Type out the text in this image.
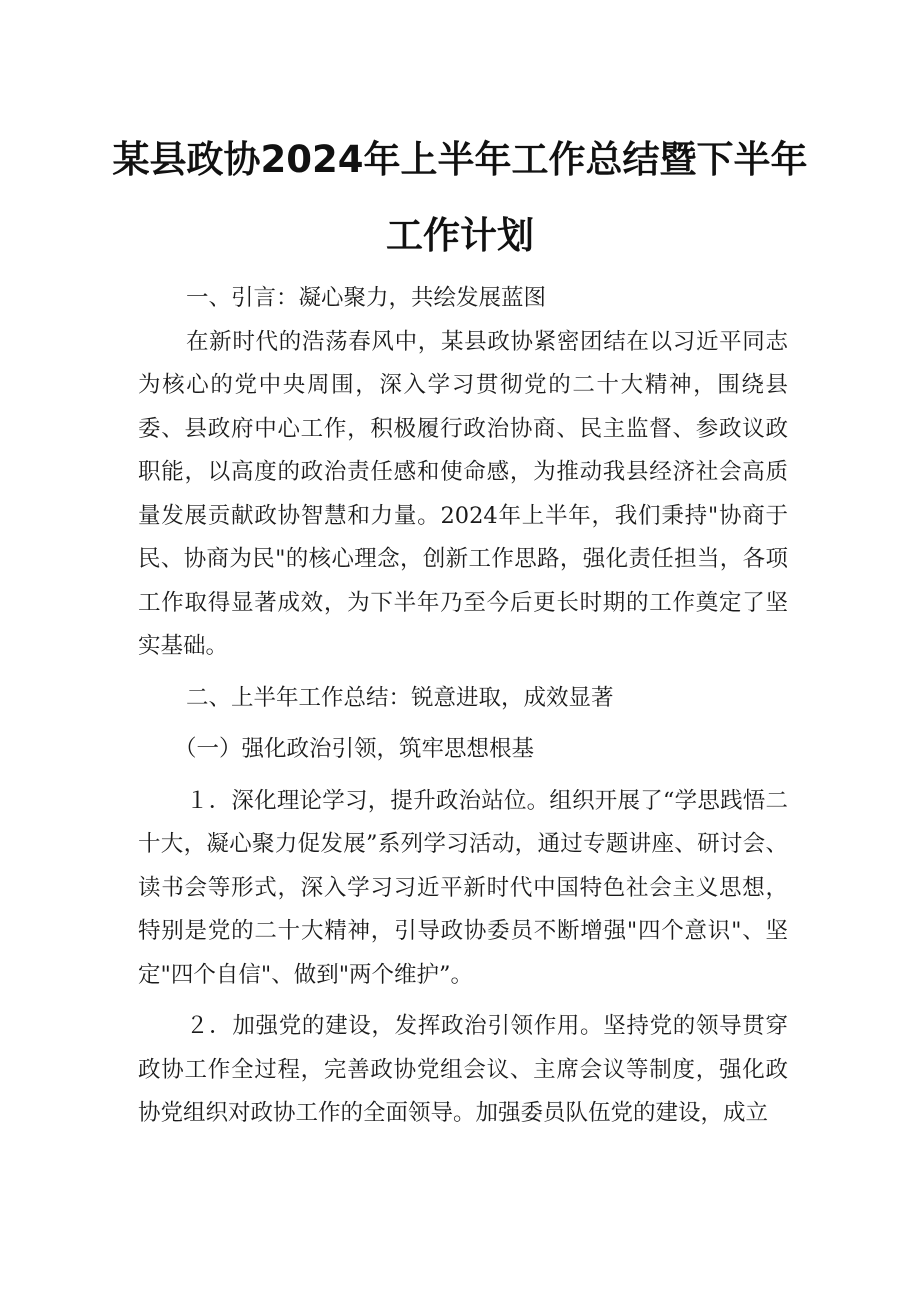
某县政协2024年上半年工作总结暨下半年
工作计划

一、引言：凝心聚力，共绘发展蓝图

在新时代的浩荡春风中，某县政协紧密团结在以习近平同志为核心的党中央周围，深入学习贯彻党的二十大精神，围绕县委、县政府中心工作，积极履行政治协商、民主监督、参政议政职能，以高度的政治责任感和使命感，为推动我县经济社会高质量发展贡献政协智慧和力量。2024年上半年，我们秉持"协商于民、协商为民"的核心理念，创新工作思路，强化责任担当，各项工作取得显著成效，为下半年乃至今后更长时期的工作奠定了坚实基础。

二、上半年工作总结：锐意进取，成效显著

（一）强化政治引领，筑牢思想根基

１．深化理论学习，提升政治站位。组织开展了“学思践悟二十大，凝心聚力促发展”系列学习活动，通过专题讲座、研讨会、读书会等形式，深入学习习近平新时代中国特色社会主义思想，特别是党的二十大精神，引导政协委员不断增强"四个意识"、坚定"四个自信"、做到"两个维护”。

２．加强党的建设，发挥政治引领作用。坚持党的领导贯穿政协工作全过程，完善政协党组会议、主席会议等制度，强化政协党组织对政协工作的全面领导。加强委员队伍党的建设，成立
